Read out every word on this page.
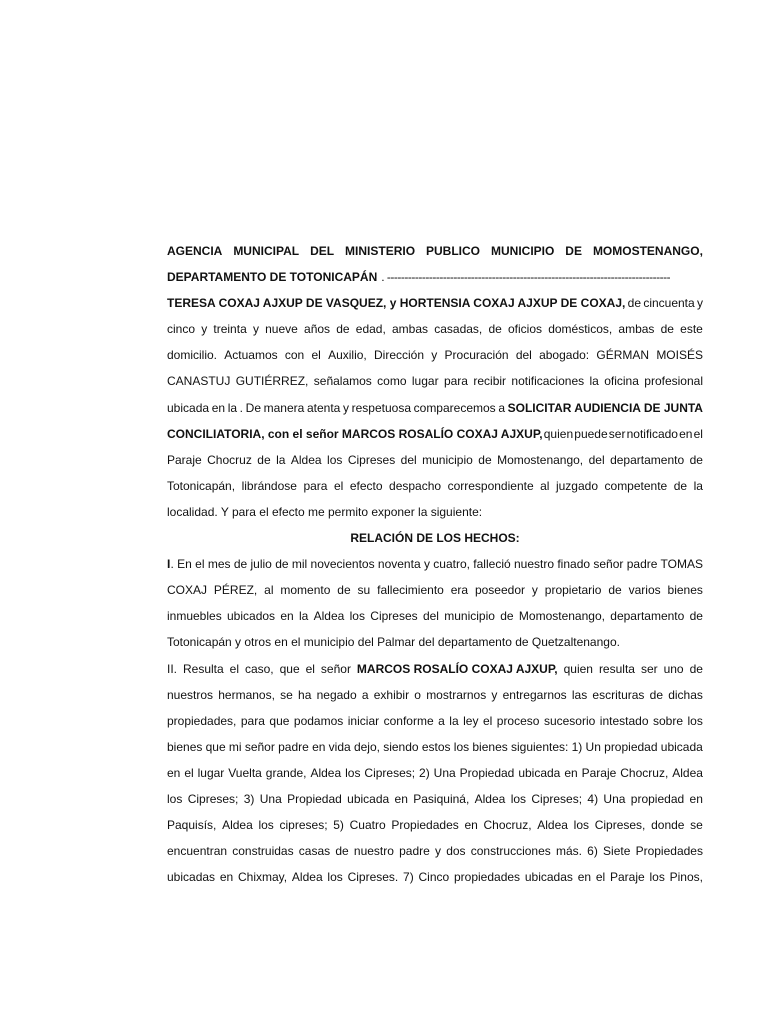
AGENCIA MUNICIPAL DEL MINISTERIO PUBLICO MUNICIPIO DE MOMOSTENANGO,
DEPARTAMENTO DE TOTONICAPÁN . ---------------------------------------------------------------------------------
TERESA COXAJ AJXUP DE VASQUEZ, y HORTENSIA COXAJ AJXUP DE COXAJ, de cincuenta y
cinco y treinta y nueve años de edad, ambas casadas, de oficios domésticos, ambas de este
domicilio. Actuamos con el Auxilio, Dirección y Procuración del abogado: GÉRMAN MOISÉS
CANASTUJ GUTIÉRREZ, señalamos como lugar para recibir notificaciones la oficina profesional
ubicada en la . De manera atenta y respetuosa comparecemos a SOLICITAR AUDIENCIA DE JUNTA
CONCILIATORIA, con el señor MARCOS ROSALÍO COXAJ AJXUP, quien puede ser notificado en el
Paraje Chocruz de la Aldea los Cipreses del municipio de Momostenango, del departamento de
Totonicapán, librándose para el efecto despacho correspondiente al juzgado competente de la
localidad. Y para el efecto me permito exponer la siguiente:
RELACIÓN DE LOS HECHOS:
I . En el mes de julio de mil novecientos noventa y cuatro, falleció nuestro finado señor padre TOMAS
COXAJ PÉREZ, al momento de su fallecimiento era poseedor y propietario de varios bienes
inmuebles ubicados en la Aldea los Cipreses del municipio de Momostenango, departamento de
Totonicapán y otros en el municipio del Palmar del departamento de Quetzaltenango.
II. Resulta el caso, que el señor MARCOS ROSALÍO COXAJ AJXUP, quien resulta ser uno de
nuestros hermanos, se ha negado a exhibir o mostrarnos y entregarnos las escrituras de dichas
propiedades, para que podamos iniciar conforme a la ley el proceso sucesorio intestado sobre los
bienes que mi señor padre en vida dejo, siendo estos los bienes siguientes: 1) Un propiedad ubicada
en el lugar Vuelta grande, Aldea los Cipreses; 2) Una Propiedad ubicada en Paraje Chocruz, Aldea
los Cipreses; 3) Una Propiedad ubicada en Pasiquiná, Aldea los Cipreses; 4) Una propiedad en
Paquisís, Aldea los cipreses; 5) Cuatro Propiedades en Chocruz, Aldea los Cipreses, donde se
encuentran construidas casas de nuestro padre y dos construcciones más. 6) Siete Propiedades
ubicadas en Chixmay, Aldea los Cipreses. 7) Cinco propiedades ubicadas en el Paraje los Pinos,
